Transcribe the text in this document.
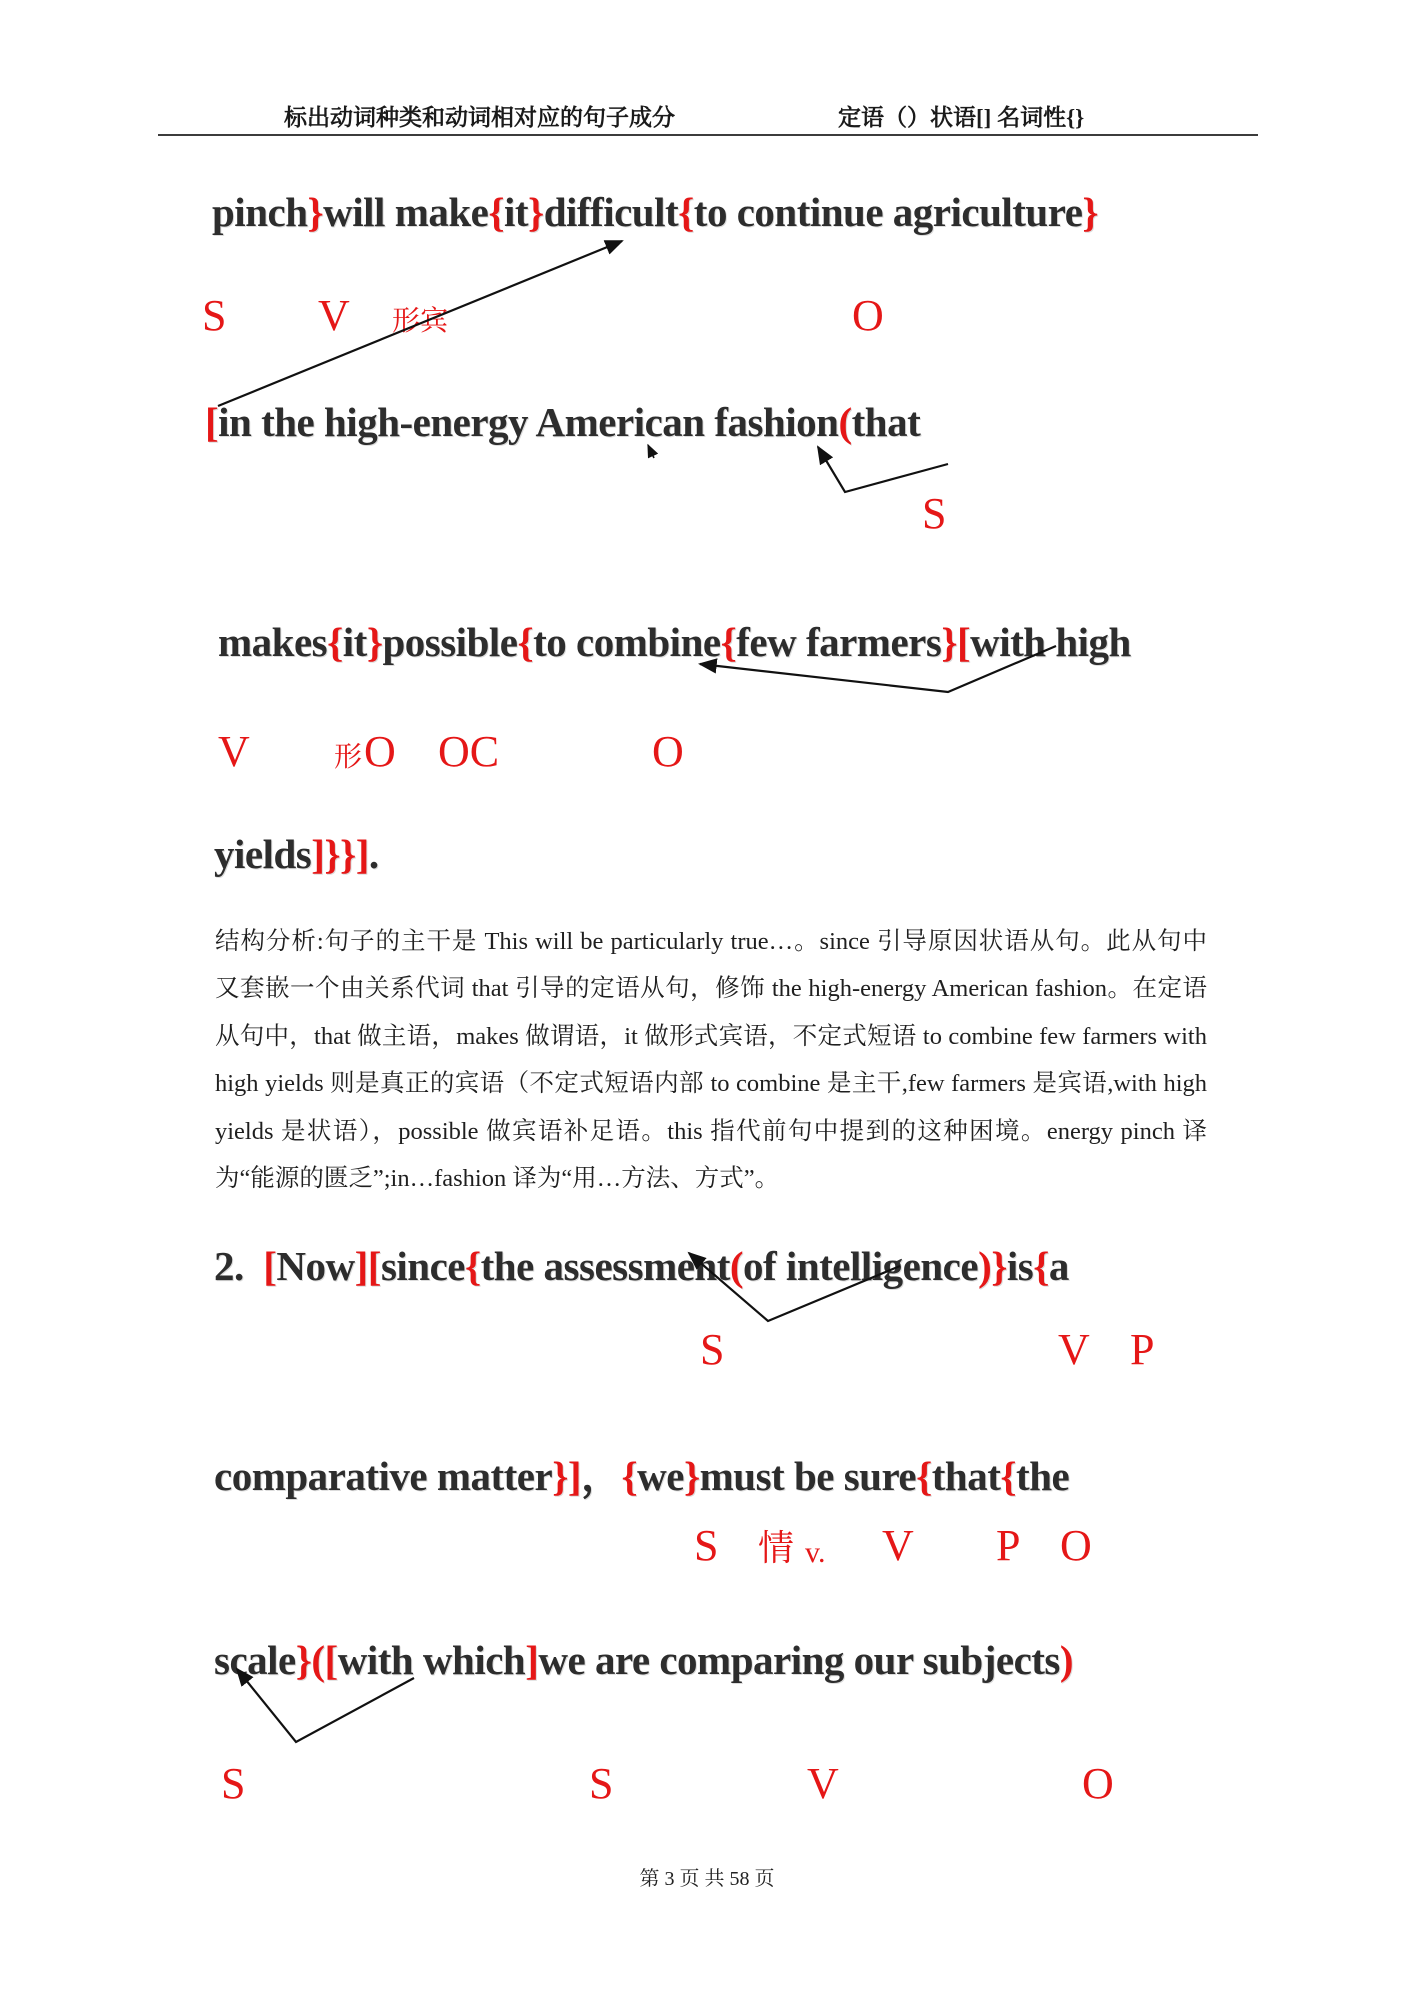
标出动词种类和动词相对应的句子成分	定语（）状语[] 名词性{}
pinch}will make{it}difficult{to continue agriculture}
S V 形宾	O
[in the high-energy American fashion(that
S
makes{it}possible{to combine{few farmers}[with high
V	形 O OC	O
yields]}}].
结构分析:句子的主干是 This will be particularly true…。since 引导原因状语从句。此从句中
又套嵌一个由关系代词 that 引导的定语从句，修饰 the high-energy American fashion。在定语
从句中，that 做主语，makes 做谓语，it 做形式宾语，不定式短语 to combine few farmers with
high yields 则是真正的宾语（不定式短语内部 to combine 是主干,few farmers 是宾语,with high
yields 是状语），possible 做宾语补足语。this 指代前句中提到的这种困境。energy pinch 译
为“能源的匮乏”;in…fashion 译为“用…方法、方式”。
2.  [Now][since{the assessment(of intelligence)}is{a
S	V P
comparative matter}]，{we}must be sure{that{the
S 情 v. V P O
scale}([with which]we are comparing our subjects)
S	S	V	O
第 3 页 共 58 页
